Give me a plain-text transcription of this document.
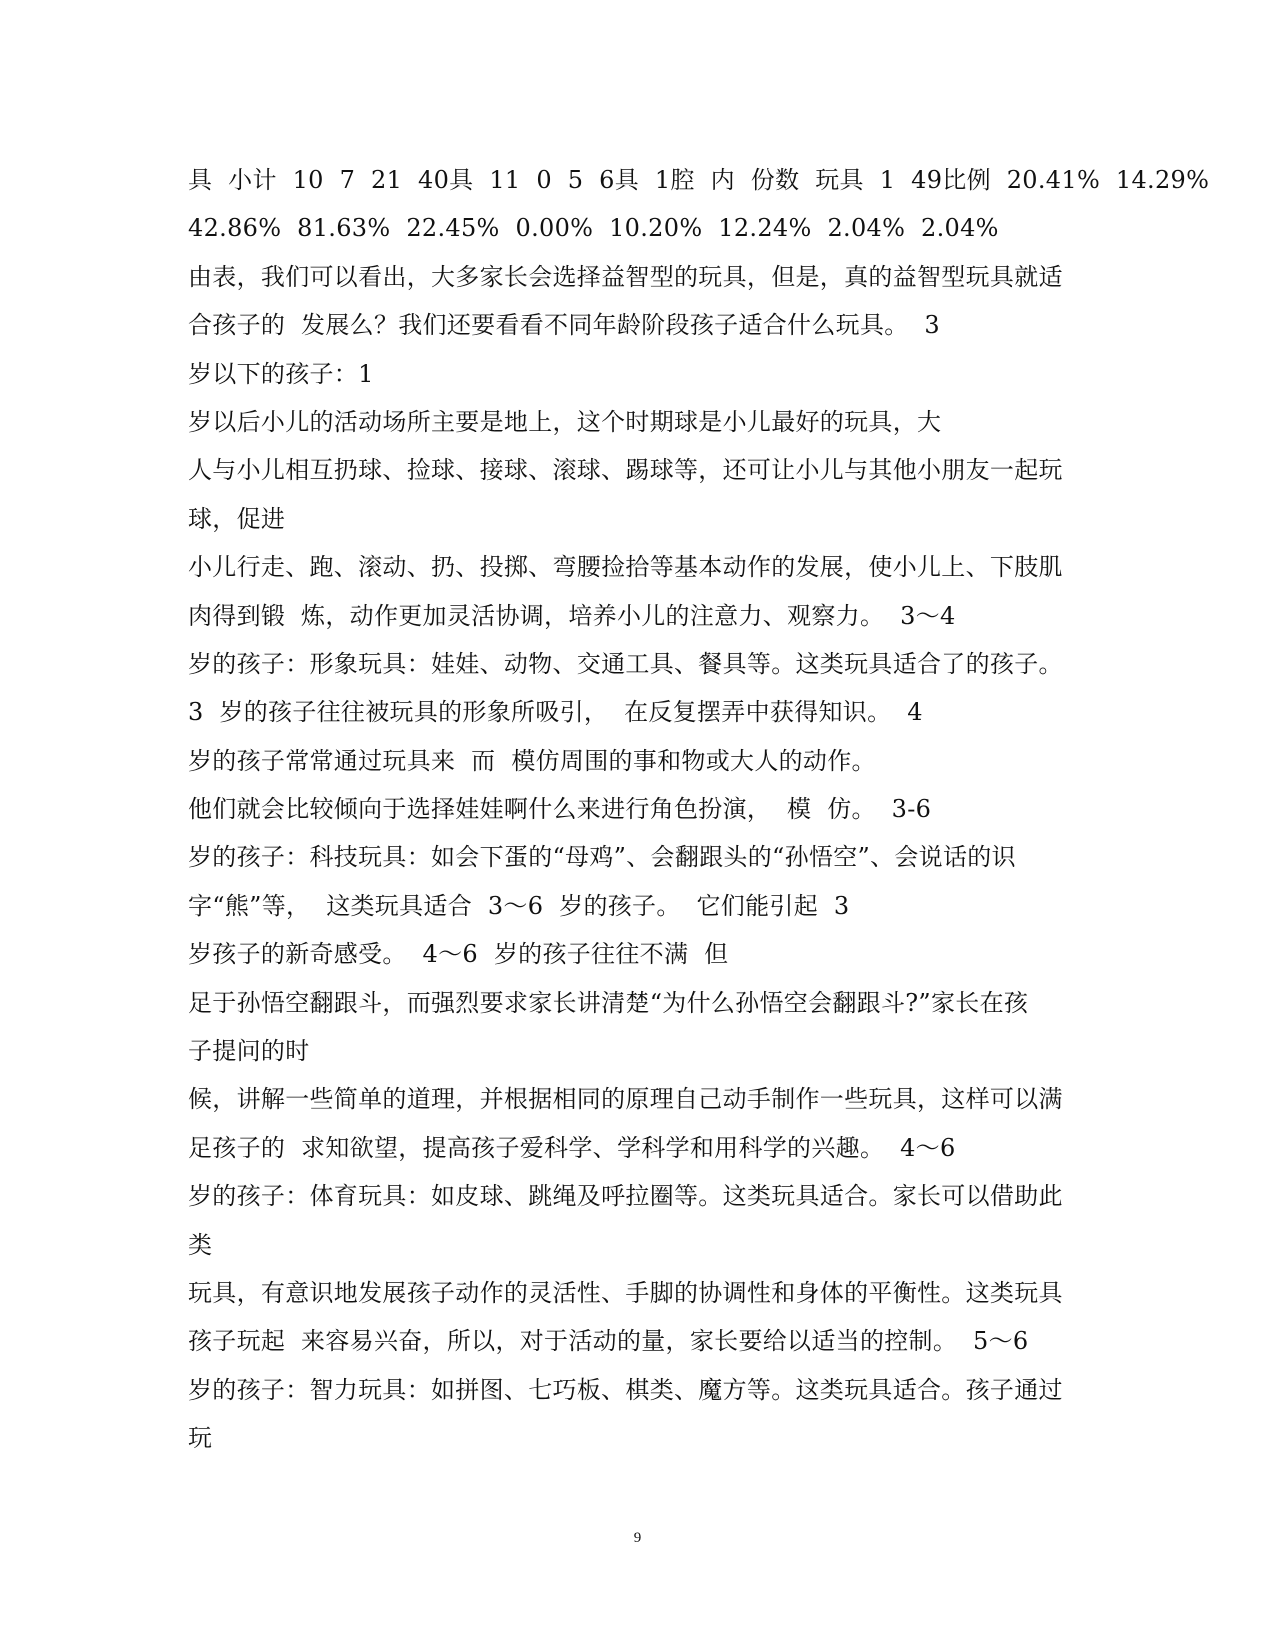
具  小计  10  7  21  40具  11  0  5  6具  1腔  内  份数  玩具  1  49比例  20.41%  14.29%
42.86%  81.63%  22.45%  0.00%  10.20%  12.24%  2.04%  2.04%
由表，我们可以看出，大多家长会选择益智型的玩具，但是，真的益智型玩具就适
合孩子的  发展么？我们还要看看不同年龄阶段孩子适合什么玩具。  3
岁以下的孩子：1
岁以后小儿的活动场所主要是地上，这个时期球是小儿最好的玩具，大
人与小儿相互扔球、捡球、接球、滚球、踢球等，还可让小儿与其他小朋友一起玩
球，促进
小儿行走、跑、滚动、扔、投掷、弯腰捡拾等基本动作的发展，使小儿上、下肢肌
肉得到锻  炼，动作更加灵活协调，培养小儿的注意力、观察力。  3～4
岁的孩子：形象玩具：娃娃、动物、交通工具、餐具等。这类玩具适合了的孩子。
3  岁的孩子往往被玩具的形象所吸引，  在反复摆弄中获得知识。  4
岁的孩子常常通过玩具来  而  模仿周围的事和物或大人的动作。
他们就会比较倾向于选择娃娃啊什么来进行角色扮演，  模  仿。  3-6
岁的孩子：科技玩具：如会下蛋的“母鸡”、会翻跟头的“孙悟空”、会说话的识
字“熊”等，  这类玩具适合  3～6  岁的孩子。  它们能引起  3
岁孩子的新奇感受。  4～6  岁的孩子往往不满  但
足于孙悟空翻跟斗，而强烈要求家长讲清楚“为什么孙悟空会翻跟斗?”家长在孩
子提问的时
候，讲解一些简单的道理，并根据相同的原理自己动手制作一些玩具，这样可以满
足孩子的  求知欲望，提高孩子爱科学、学科学和用科学的兴趣。  4～6
岁的孩子：体育玩具：如皮球、跳绳及呼拉圈等。这类玩具适合。家长可以借助此
类
玩具，有意识地发展孩子动作的灵活性、手脚的协调性和身体的平衡性。这类玩具
孩子玩起  来容易兴奋，所以，对于活动的量，家长要给以适当的控制。  5～6
岁的孩子：智力玩具：如拼图、七巧板、棋类、魔方等。这类玩具适合。孩子通过
玩
9
